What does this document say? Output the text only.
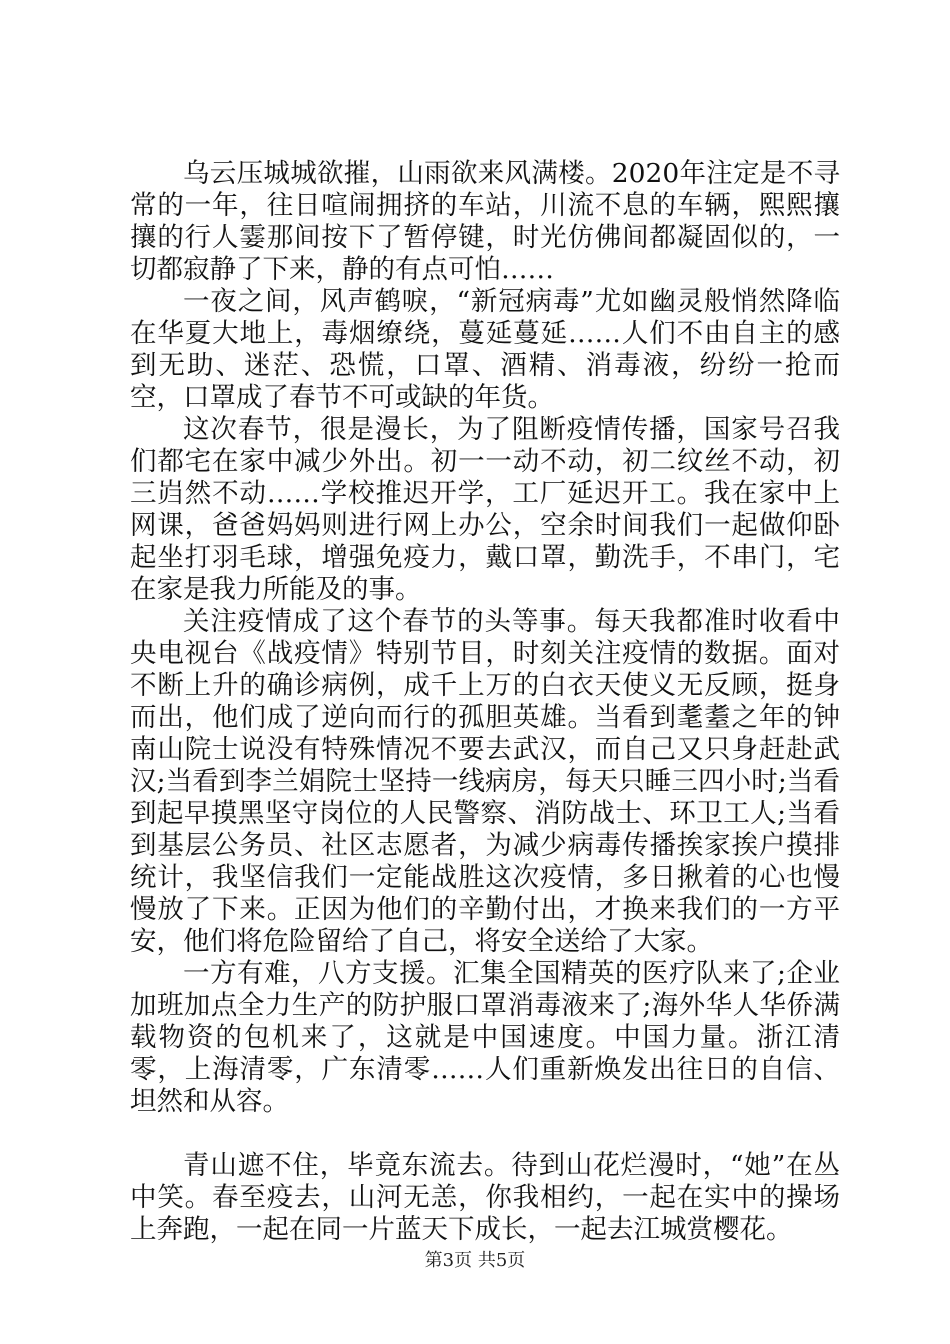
乌云压城城欲摧，山雨欲来风满楼。2020年注定是不寻常的一年，往日喧闹拥挤的车站，川流不息的车辆，熙熙攘攘的行人霎那间按下了暂停键，时光仿佛间都凝固似的，一切都寂静了下来，静的有点可怕……

一夜之间，风声鹤唳，“新冠病毒”尤如幽灵般悄然降临在华夏大地上，毒烟缭绕，蔓延蔓延……人们不由自主的感到无助、迷茫、恐慌，口罩、酒精、消毒液，纷纷一抢而空，口罩成了春节不可或缺的年货。

这次春节，很是漫长，为了阻断疫情传播，国家号召我们都宅在家中减少外出。初一一动不动，初二纹丝不动，初三岿然不动……学校推迟开学，工厂延迟开工。我在家中上网课，爸爸妈妈则进行网上办公，空余时间我们一起做仰卧起坐打羽毛球，增强免疫力，戴口罩，勤洗手，不串门，宅在家是我力所能及的事。

关注疫情成了这个春节的头等事。每天我都准时收看中央电视台《战疫情》特别节目，时刻关注疫情的数据。面对不断上升的确诊病例，成千上万的白衣天使义无反顾，挺身而出，他们成了逆向而行的孤胆英雄。当看到耄耋之年的钟南山院士说没有特殊情况不要去武汉，而自己又只身赶赴武汉;当看到李兰娟院士坚持一线病房，每天只睡三四小时;当看到起早摸黑坚守岗位的人民警察、消防战士、环卫工人;当看到基层公务员、社区志愿者，为减少病毒传播挨家挨户摸排统计，我坚信我们一定能战胜这次疫情，多日揪着的心也慢慢放了下来。正因为他们的辛勤付出，才换来我们的一方平安，他们将危险留给了自己，将安全送给了大家。

一方有难，八方支援。汇集全国精英的医疗队来了;企业加班加点全力生产的防护服口罩消毒液来了;海外华人华侨满载物资的包机来了，这就是中国速度。中国力量。浙江清零，上海清零，广东清零……人们重新焕发出往日的自信、坦然和从容。

青山遮不住，毕竟东流去。待到山花烂漫时，“她”在丛中笑。春至疫去，山河无恙，你我相约，一起在实中的操场上奔跑，一起在同一片蓝天下成长，一起去江城赏樱花。

第3页 共5页
